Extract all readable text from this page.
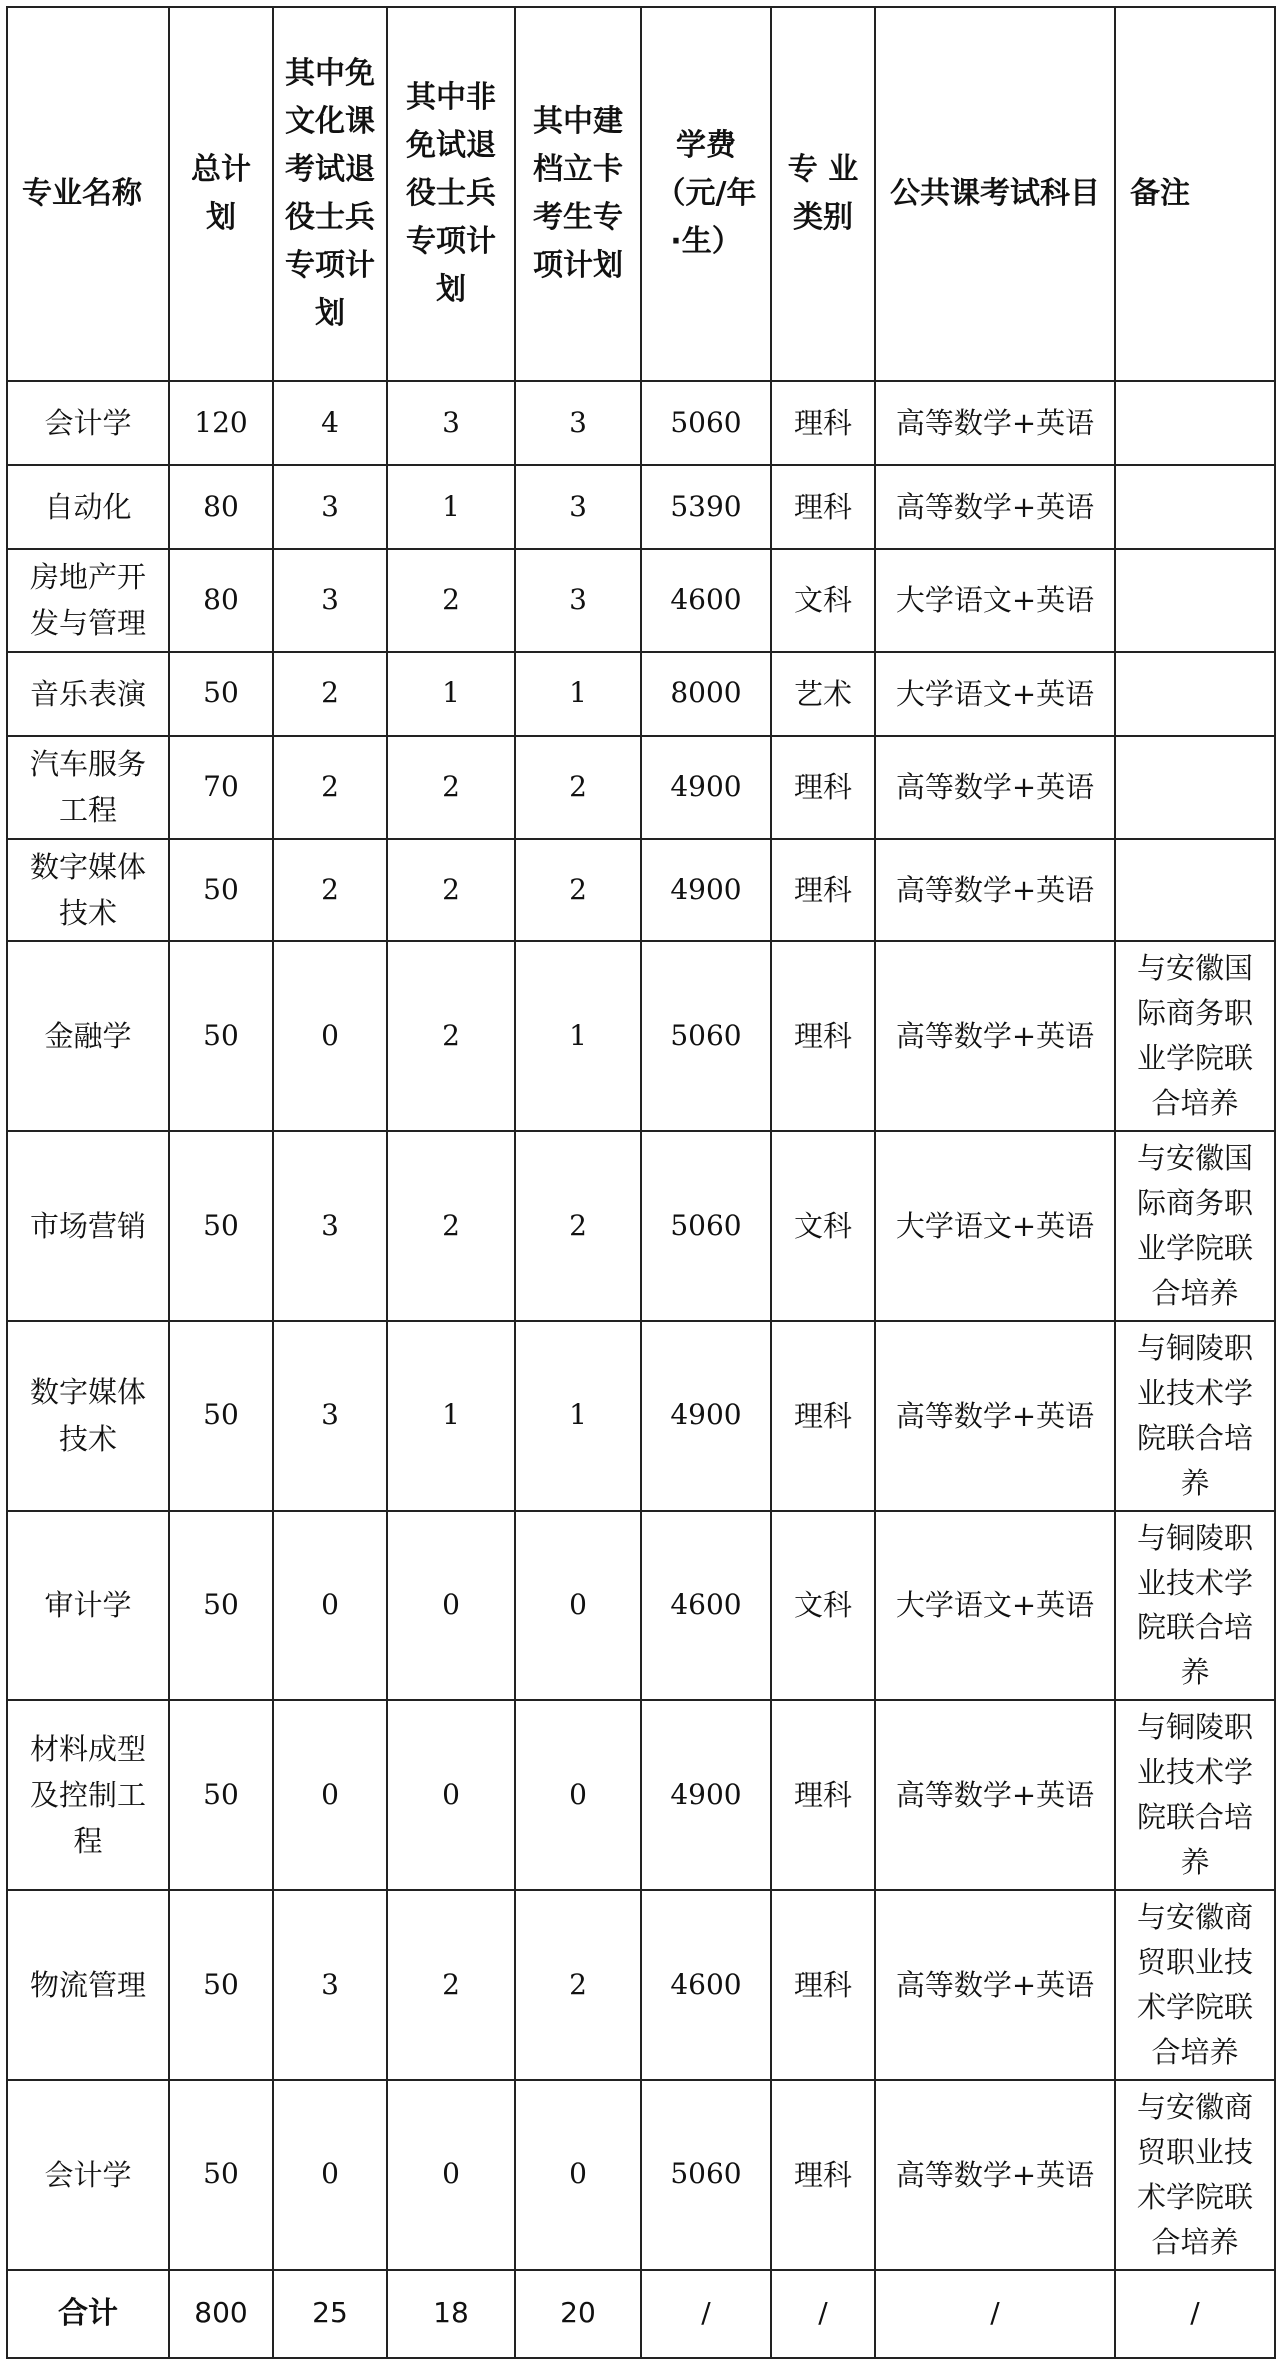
专业名称	总计划	其中免文化课考试退役士兵专项计划	其中非免试退役士兵专项计划	其中建档立卡考生专项计划	学费（元/年·生）	专 业类别	公共课考试科目	备注
会计学	120	4	3	3	5060	理科	高等数学+英语	
自动化	80	3	1	3	5390	理科	高等数学+英语	
房地产开发与管理	80	3	2	3	4600	文科	大学语文+英语	
音乐表演	50	2	1	1	8000	艺术	大学语文+英语	
汽车服务工程	70	2	2	2	4900	理科	高等数学+英语	
数字媒体技术	50	2	2	2	4900	理科	高等数学+英语	
金融学	50	0	2	1	5060	理科	高等数学+英语	与安徽国际商务职业学院联合培养
市场营销	50	3	2	2	5060	文科	大学语文+英语	与安徽国际商务职业学院联合培养
数字媒体技术	50	3	1	1	4900	理科	高等数学+英语	与铜陵职业技术学院联合培养
审计学	50	0	0	0	4600	文科	大学语文+英语	与铜陵职业技术学院联合培养
材料成型及控制工程	50	0	0	0	4900	理科	高等数学+英语	与铜陵职业技术学院联合培养
物流管理	50	3	2	2	4600	理科	高等数学+英语	与安徽商贸职业技术学院联合培养
会计学	50	0	0	0	5060	理科	高等数学+英语	与安徽商贸职业技术学院联合培养
合计	800	25	18	20	/	/	/	/
